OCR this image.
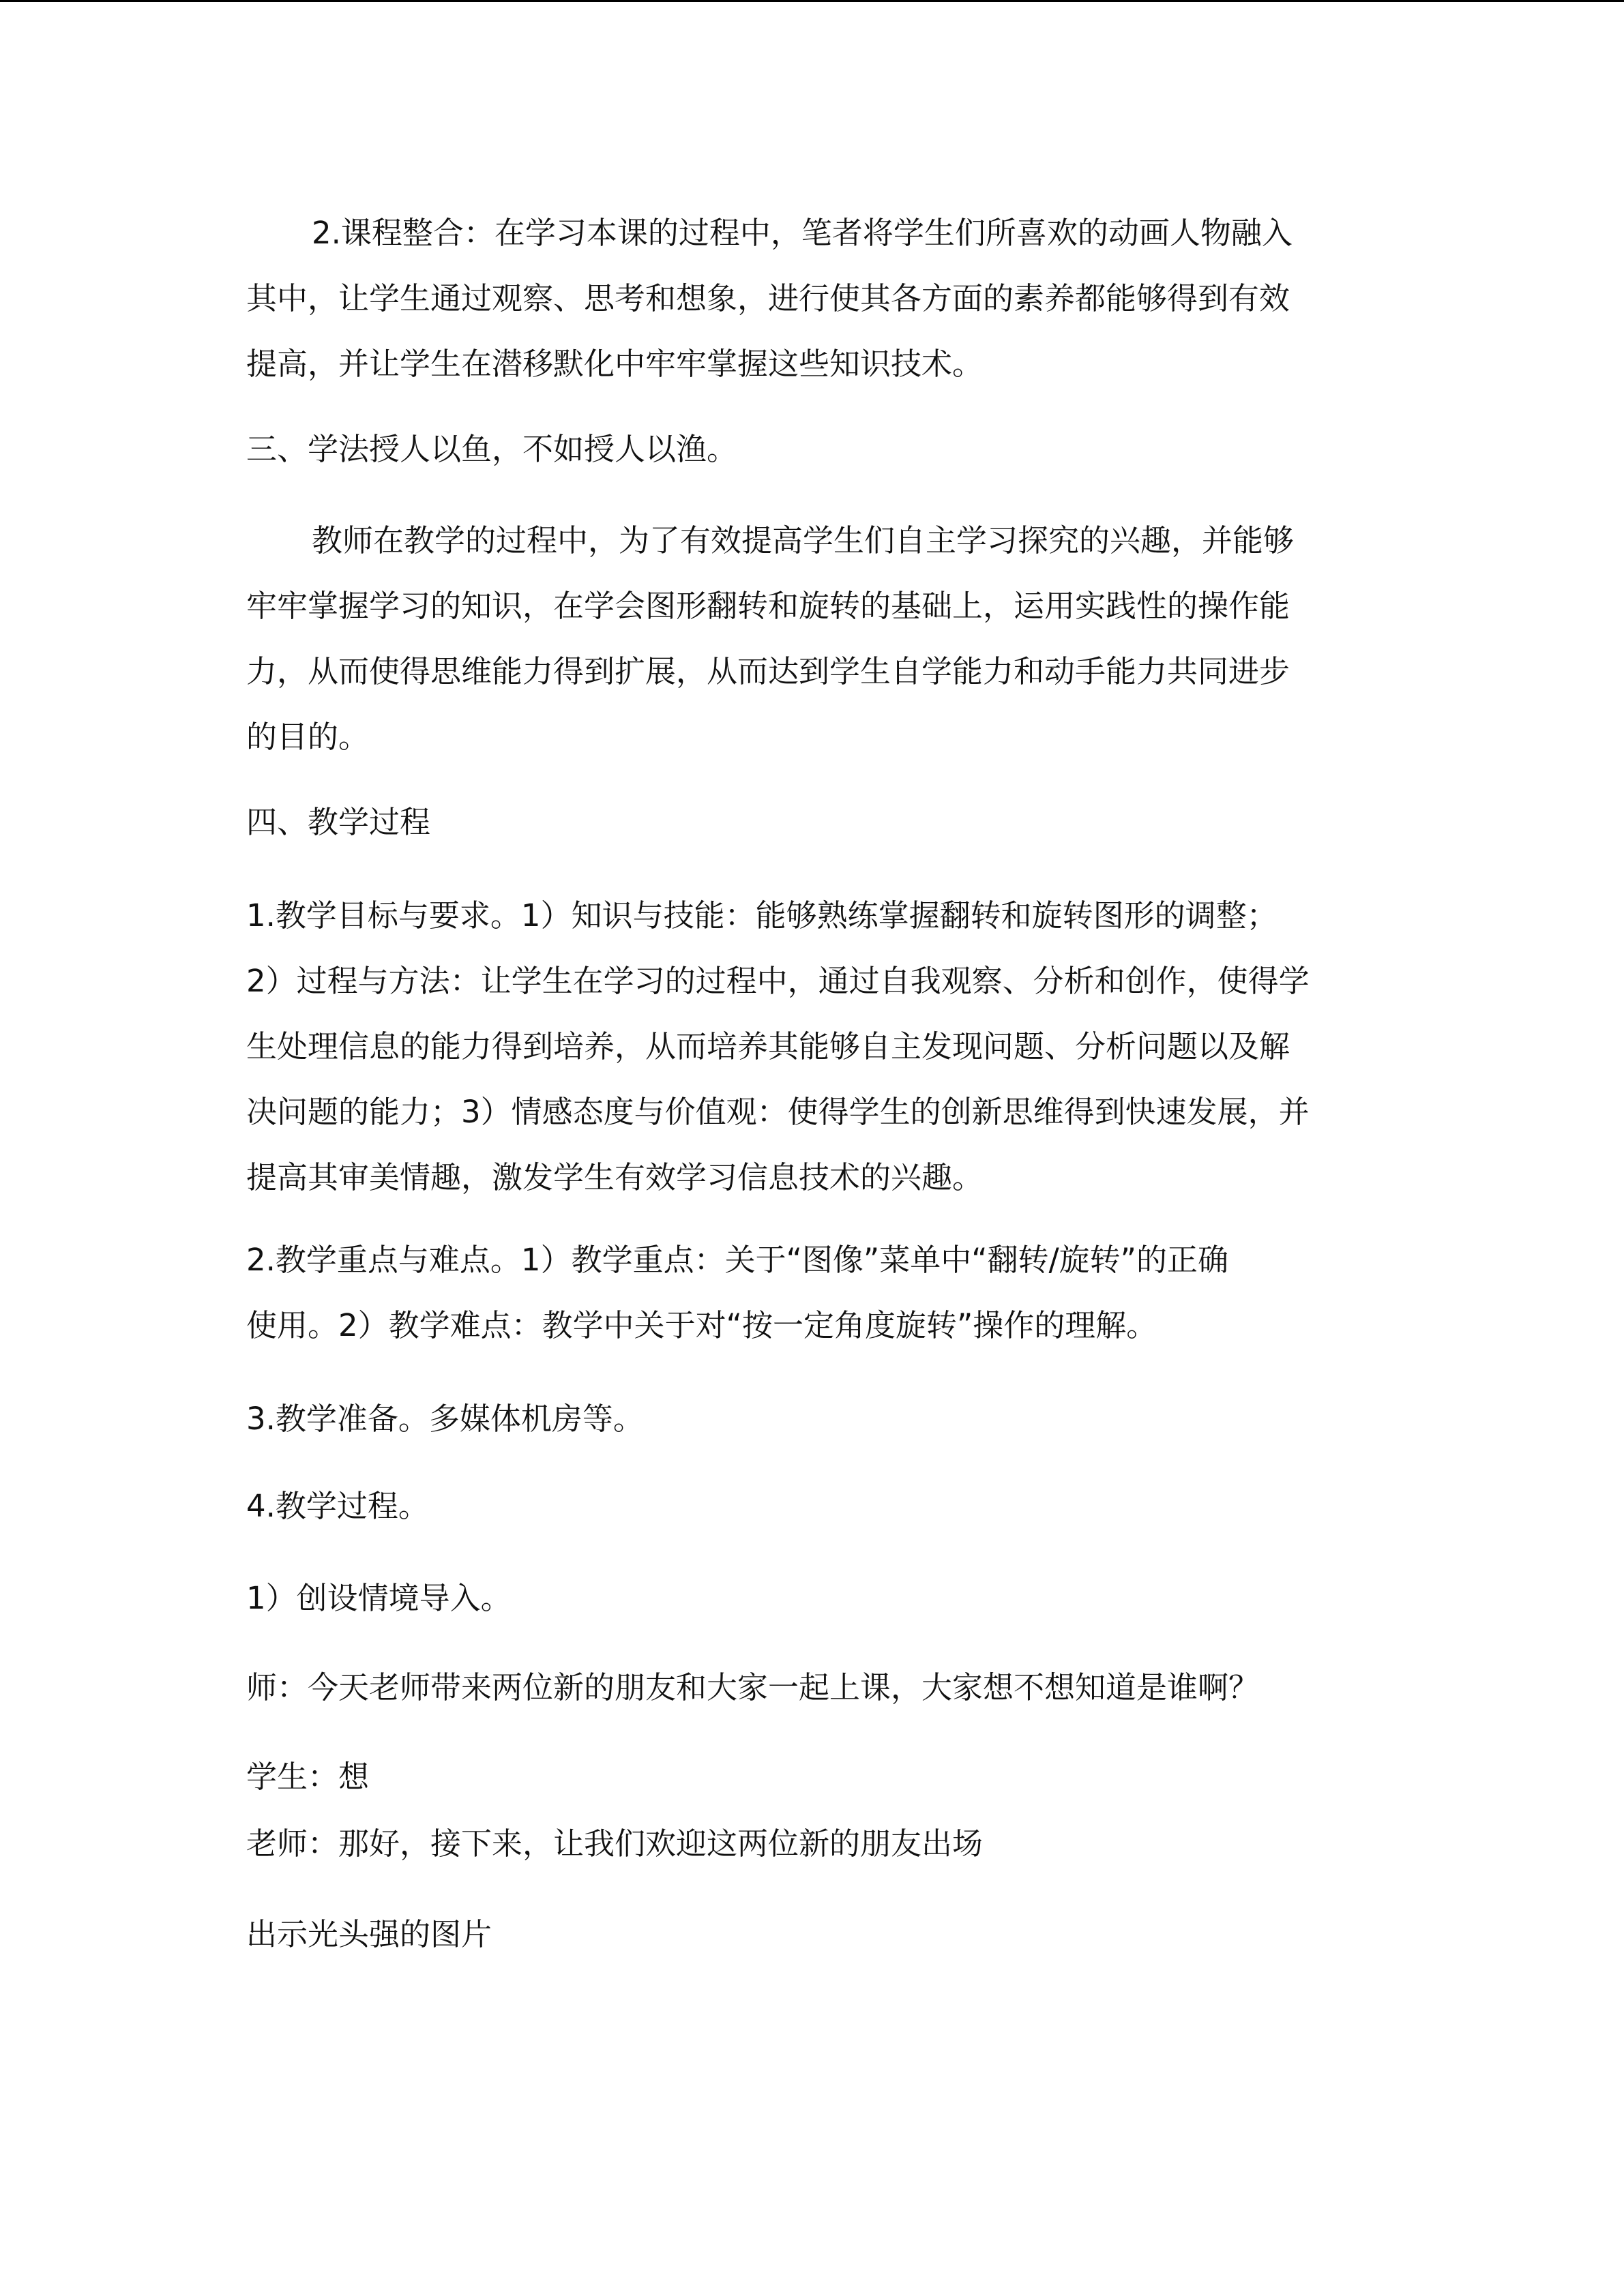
2.课程整合：在学习本课的过程中，笔者将学生们所喜欢的动画人物融入
其中，让学生通过观察、思考和想象，进行使其各方面的素养都能够得到有效
提高，并让学生在潜移默化中牢牢掌握这些知识技术。
三、学法授人以鱼，不如授人以渔。
教师在教学的过程中，为了有效提高学生们自主学习探究的兴趣，并能够
牢牢掌握学习的知识，在学会图形翻转和旋转的基础上，运用实践性的操作能
力，从而使得思维能力得到扩展，从而达到学生自学能力和动手能力共同进步
的目的。
四、教学过程
1.教学目标与要求。1）知识与技能：能够熟练掌握翻转和旋转图形的调整；
2）过程与方法：让学生在学习的过程中，通过自我观察、分析和创作，使得学
生处理信息的能力得到培养，从而培养其能够自主发现问题、分析问题以及解
决问题的能力；3）情感态度与价值观：使得学生的创新思维得到快速发展，并
提高其审美情趣，激发学生有效学习信息技术的兴趣。
2.教学重点与难点。1）教学重点：关于“图像”菜单中“翻转/旋转”的正确
使用。2）教学难点：教学中关于对“按一定角度旋转”操作的理解。
3.教学准备。多媒体机房等。
4.教学过程。
1）创设情境导入。
师：今天老师带来两位新的朋友和大家一起上课，大家想不想知道是谁啊？
学生：想
老师：那好，接下来，让我们欢迎这两位新的朋友出场
出示光头强的图片
